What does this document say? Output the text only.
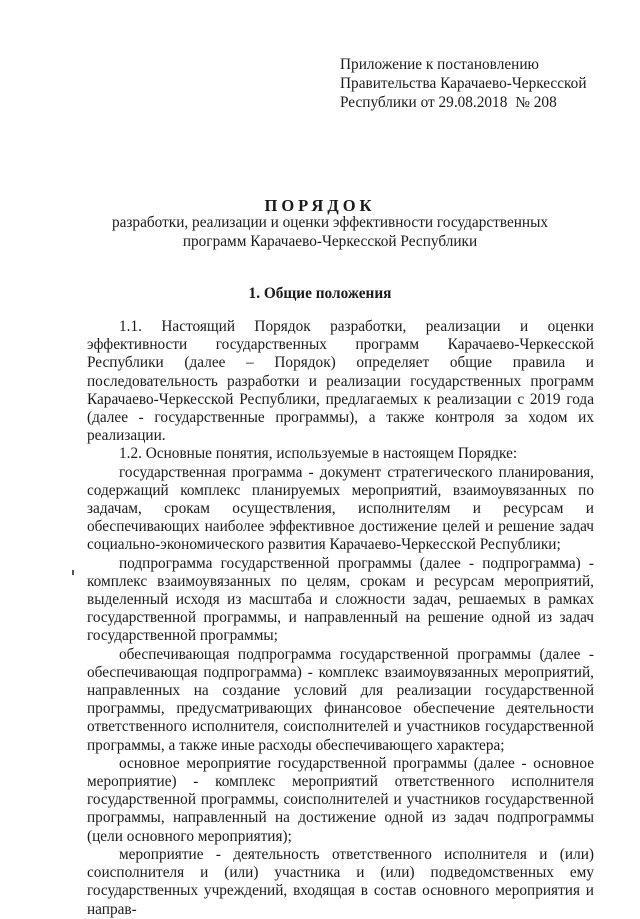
Приложение к постановлению
Правительства Карачаево-Черкесской
Республики от 29.08.2018 № 208
ПОРЯДОК
разработки, реализации и оценки эффективности государственных программ Карачаево-Черкесской Республики
1. Общие положения

1.1. Настоящий Порядок разработки, реализации и оценки эффективности государственных программ Карачаево-Черкесской Республики (далее – Порядок) определяет общие правила и последовательность разработки и реализации государственных программ Карачаево-Черкесской Республики, предлагаемых к реализации с 2019 года (далее - государственные программы), а также контроля за ходом их реализации.

1.2. Основные понятия, используемые в настоящем Порядке:

государственная программа - документ стратегического планирования, содержащий комплекс планируемых мероприятий, взаимоувязанных по задачам, срокам осуществления, исполнителям и ресурсам и обеспечивающих наиболее эффективное достижение целей и решение задач социально-экономического развития Карачаево-Черкесской Республики;

подпрограмма государственной программы (далее - подпрограмма) - комплекс взаимоувязанных по целям, срокам и ресурсам мероприятий, выделенный исходя из масштаба и сложности задач, решаемых в рамках государственной программы, и направленный на решение одной из задач государственной программы;

обеспечивающая подпрограмма государственной программы (далее - обеспечивающая подпрограмма) - комплекс взаимоувязанных мероприятий, направленных на создание условий для реализации государственной программы, предусматривающих финансовое обеспечение деятельности ответственного исполнителя, соисполнителей и участников государственной программы, а также иные расходы обеспечивающего характера;

основное мероприятие государственной программы (далее - основное мероприятие) - комплекс мероприятий ответственного исполнителя государственной программы, соисполнителей и участников государственной программы, направленный на достижение одной из задач подпрограммы (цели основного мероприятия);

мероприятие - деятельность ответственного исполнителя и (или) соисполнителя и (или) участника и (или) подведомственных ему государственных учреждений, входящая в состав основного мероприятия и направ-
